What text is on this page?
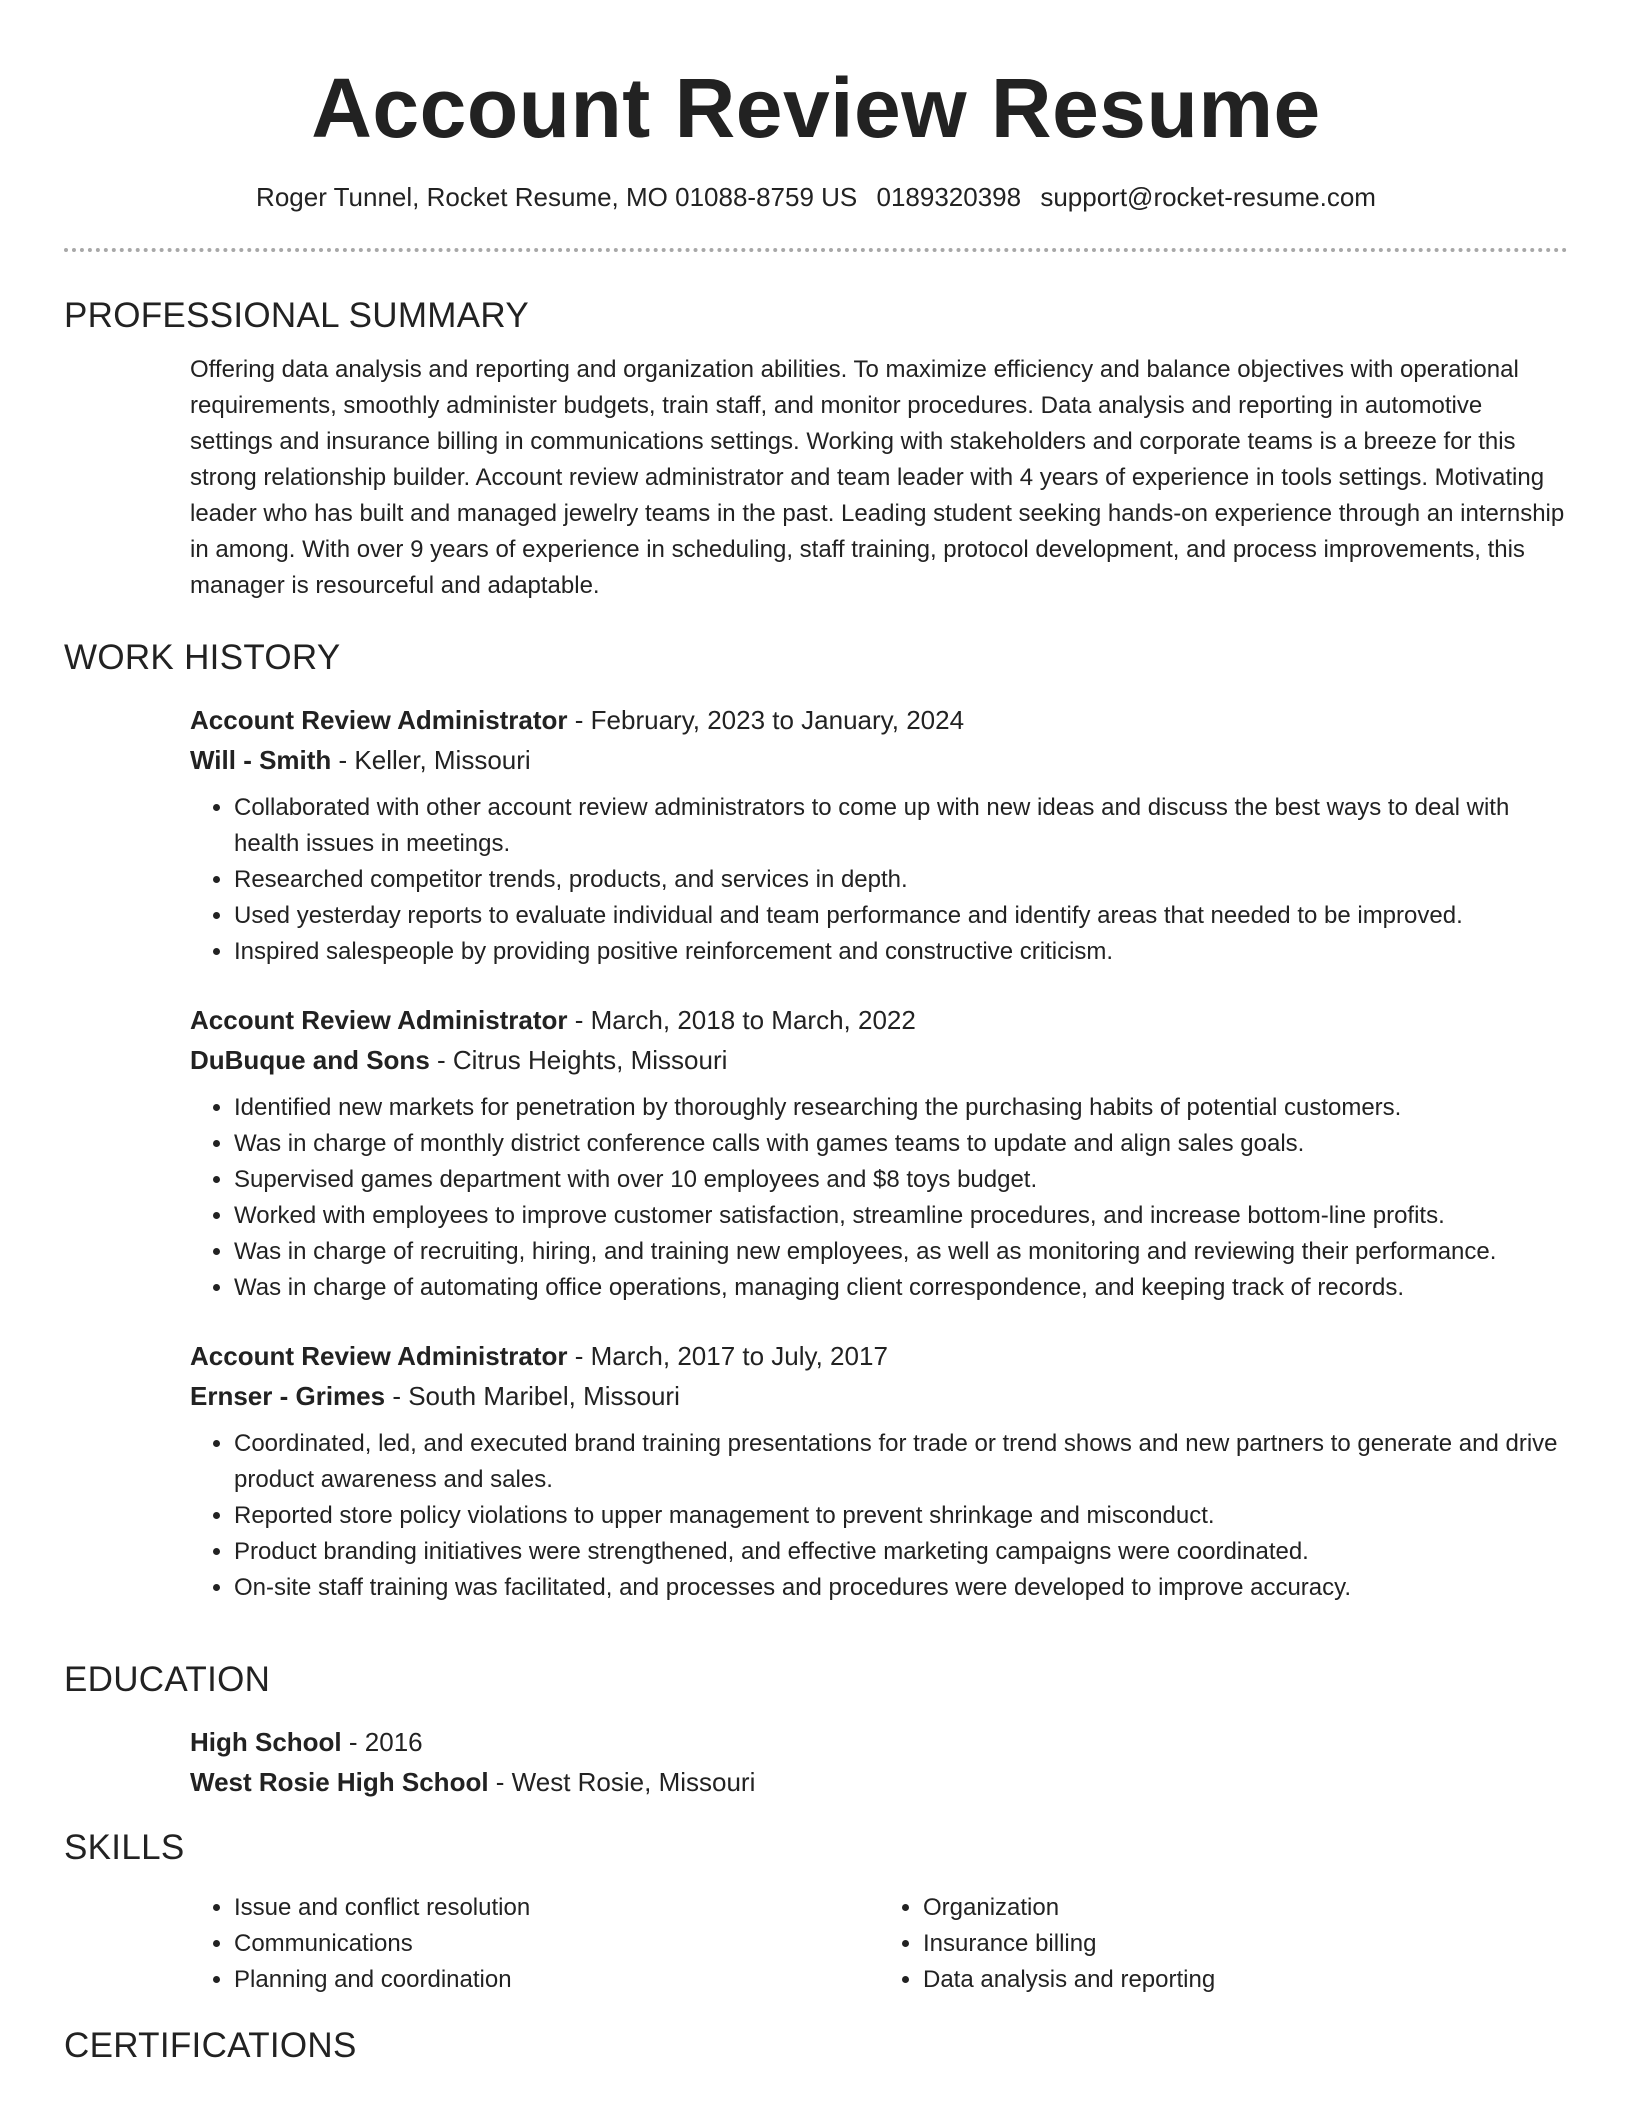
Account Review Resume
Roger Tunnel, Rocket Resume, MO 01088-8759 US 0189320398 support@rocket-resume.com
PROFESSIONAL SUMMARY

Offering data analysis and reporting and organization abilities. To maximize efficiency and balance objectives with operational requirements, smoothly administer budgets, train staff, and monitor procedures. Data analysis and reporting in automotive settings and insurance billing in communications settings. Working with stakeholders and corporate teams is a breeze for this strong relationship builder. Account review administrator and team leader with 4 years of experience in tools settings. Motivating leader who has built and managed jewelry teams in the past. Leading student seeking hands-on experience through an internship in among. With over 9 years of experience in scheduling, staff training, protocol development, and process improvements, this manager is resourceful and adaptable.

WORK HISTORY
Account Review Administrator - February, 2023 to January, 2024
Will - Smith - Keller, Missouri
• Collaborated with other account review administrators to come up with new ideas and discuss the best ways to deal with health issues in meetings.
• Researched competitor trends, products, and services in depth.
• Used yesterday reports to evaluate individual and team performance and identify areas that needed to be improved.
• Inspired salespeople by providing positive reinforcement and constructive criticism.
Account Review Administrator - March, 2018 to March, 2022
DuBuque and Sons - Citrus Heights, Missouri
• Identified new markets for penetration by thoroughly researching the purchasing habits of potential customers.
• Was in charge of monthly district conference calls with games teams to update and align sales goals.
• Supervised games department with over 10 employees and $8 toys budget.
• Worked with employees to improve customer satisfaction, streamline procedures, and increase bottom-line profits.
• Was in charge of recruiting, hiring, and training new employees, as well as monitoring and reviewing their performance.
• Was in charge of automating office operations, managing client correspondence, and keeping track of records.
Account Review Administrator - March, 2017 to July, 2017
Ernser - Grimes - South Maribel, Missouri
• Coordinated, led, and executed brand training presentations for trade or trend shows and new partners to generate and drive product awareness and sales.
• Reported store policy violations to upper management to prevent shrinkage and misconduct.
• Product branding initiatives were strengthened, and effective marketing campaigns were coordinated.
• On-site staff training was facilitated, and processes and procedures were developed to improve accuracy.
EDUCATION
High School - 2016
West Rosie High School - West Rosie, Missouri
SKILLS
• Issue and conflict resolution
• Communications
• Planning and coordination
• Organization
• Insurance billing
• Data analysis and reporting
CERTIFICATIONS
